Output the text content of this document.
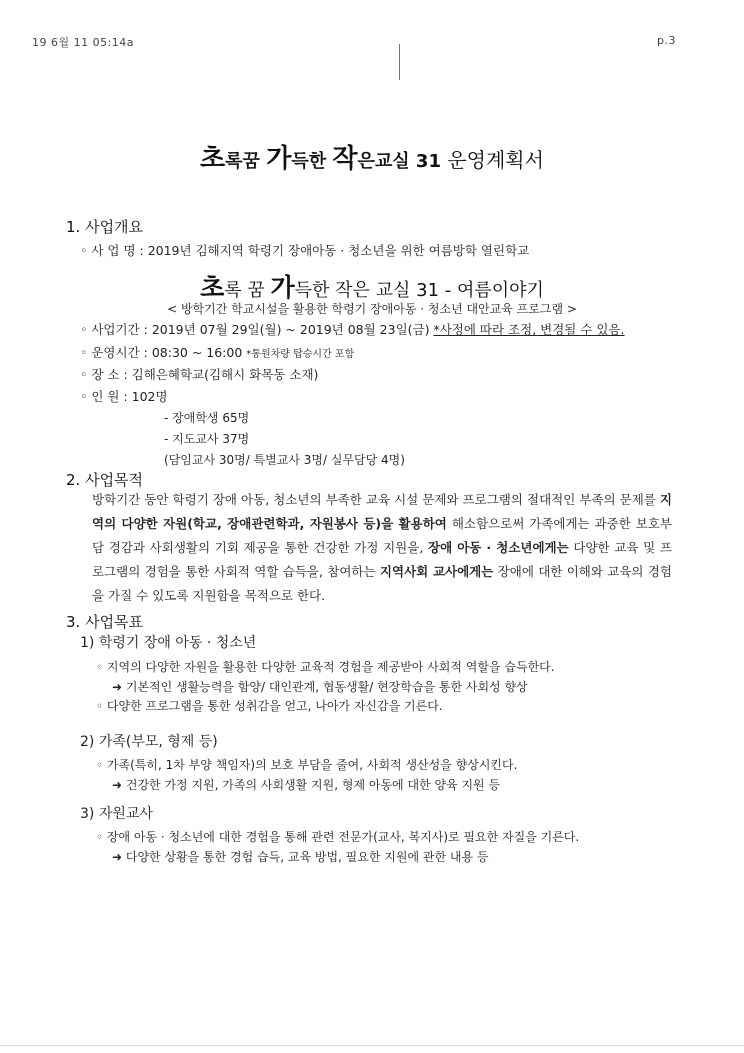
19 6월 11 05:14a	p.3
초록꿈 가득한 작은교실 31 운영계획서
1. 사업개요
◦ 사 업 명 : 2019년 김해지역 학령기 장애아동 · 청소년을 위한 여름방학 열린학교
초록 꿈 가득한 작은 교실 31 - 여름이야기
< 방학기간 학교시설을 활용한 학령기 장애아동 · 청소년 대안교육 프로그램 >
◦ 사업기간 : 2019년 07월 29일(월) ~ 2019년 08월 23일(금) *사정에 따라 조정, 변경될 수 있음.
◦ 운영시간 : 08:30 ~ 16:00 *통원차량 탑승시간 포함
◦ 장 소 : 김해은혜학교(김해시 화목동 소재)
◦ 인 원 : 102명
- 장애학생 65명
- 지도교사 37명
(담임교사 30명/ 특별교사 3명/ 실무담당 4명)
2. 사업목적
방학기간 동안 학령기 장애 아동, 청소년의 부족한 교육 시설 문제와 프로그램의 절대적인 부족의 문제를 지역의 다양한 자원(학교, 장애관련학과, 자원봉사 등)을 활용하여 해소함으로써 가족에게는 과중한 보호부담 경감과 사회생활의 기회 제공을 통한 건강한 가정 지원을, 장애 아동 · 청소년에게는 다양한 교육 및 프로그램의 경험을 통한 사회적 역할 습득을, 참여하는 지역사회 교사에게는 장애에 대한 이해와 교육의 경험을 가질 수 있도록 지원함을 목적으로 한다.
3. 사업목표
1) 학령기 장애 아동 · 청소년
◦ 지역의 다양한 자원을 활용한 다양한 교육적 경험을 제공받아 사회적 역할을 습득한다.
➜ 기본적인 생활능력을 함양/ 대인관계, 협동생활/ 현장학습을 통한 사회성 향상
◦ 다양한 프로그램을 통한 성취감을 얻고, 나아가 자신감을 기른다.
2) 가족(부모, 형제 등)
◦ 가족(특히, 1차 부양 책임자)의 보호 부담을 줄여, 사회적 생산성을 향상시킨다.
➜ 건강한 가정 지원, 가족의 사회생활 지원, 형제 아동에 대한 양육 지원 등
3) 자원교사
◦ 장애 아동 · 청소년에 대한 경험을 통해 관련 전문가(교사, 복지사)로 필요한 자질을 기른다.
➜ 다양한 상황을 통한 경험 습득, 교육 방법, 필요한 지원에 관한 내용 등
